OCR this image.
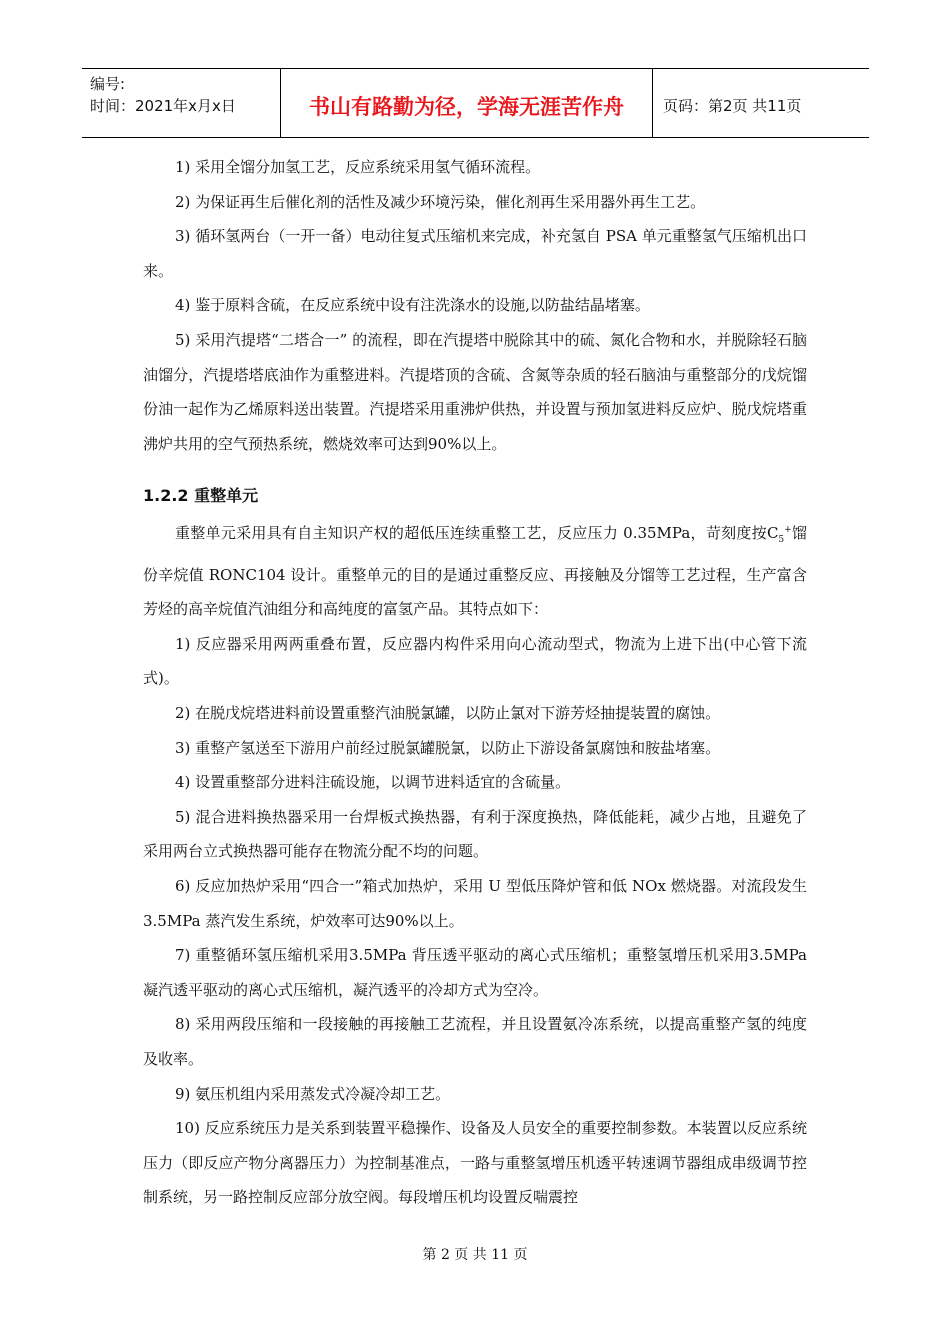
编号:
时间：2021年x月x日	书山有路勤为径，学海无涯苦作舟	页码：第2页 共11页

1) 采用全馏分加氢工艺，反应系统采用氢气循环流程。

2) 为保证再生后催化剂的活性及减少环境污染，催化剂再生采用器外再生工艺。

3) 循环氢两台（一开一备）电动往复式压缩机来完成，补充氢自 PSA 单元重整氢气压缩机出口来。

4) 鉴于原料含硫，在反应系统中设有注洗涤水的设施,以防盐结晶堵塞。

5) 采用汽提塔“二塔合一” 的流程，即在汽提塔中脱除其中的硫、氮化合物和水，并脱除轻石脑油馏分，汽提塔塔底油作为重整进料。汽提塔顶的含硫、含氮等杂质的轻石脑油与重整部分的戊烷馏份油一起作为乙烯原料送出装置。汽提塔采用重沸炉供热，并设置与预加氢进料反应炉、脱戊烷塔重沸炉共用的空气预热系统，燃烧效率可达到90%以上。

1.2.2 重整单元

重整单元采用具有自主知识产权的超低压连续重整工艺，反应压力 0.35MPa，苛刻度按$C_5^+$馏份辛烷值 RONC104 设计。重整单元的目的是通过重整反应、再接触及分馏等工艺过程，生产富含芳烃的高辛烷值汽油组分和高纯度的富氢产品。其特点如下：

1) 反应器采用两两重叠布置，反应器内构件采用向心流动型式，物流为上进下出(中心管下流式)。

2) 在脱戊烷塔进料前设置重整汽油脱氯罐，以防止氯对下游芳烃抽提装置的腐蚀。

3) 重整产氢送至下游用户前经过脱氯罐脱氯，以防止下游设备氯腐蚀和胺盐堵塞。

4) 设置重整部分进料注硫设施，以调节进料适宜的含硫量。

5) 混合进料换热器采用一台焊板式换热器，有利于深度换热，降低能耗，减少占地，且避免了采用两台立式换热器可能存在物流分配不均的问题。

6) 反应加热炉采用“四合一”箱式加热炉，采用 U 型低压降炉管和低 NOx 燃烧器。对流段发生3.5MPa 蒸汽发生系统，炉效率可达90%以上。

7) 重整循环氢压缩机采用3.5MPa 背压透平驱动的离心式压缩机；重整氢增压机采用3.5MPa 凝汽透平驱动的离心式压缩机，凝汽透平的冷却方式为空冷。

8) 采用两段压缩和一段接触的再接触工艺流程，并且设置氨冷冻系统，以提高重整产氢的纯度及收率。

9) 氨压机组内采用蒸发式冷凝冷却工艺。

10) 反应系统压力是关系到装置平稳操作、设备及人员安全的重要控制参数。本装置以反应系统压力（即反应产物分离器压力）为控制基准点，一路与重整氢增压机透平转速调节器组成串级调节控制系统，另一路控制反应部分放空阀。每段增压机均设置反喘震控

第 2 页 共 11 页
